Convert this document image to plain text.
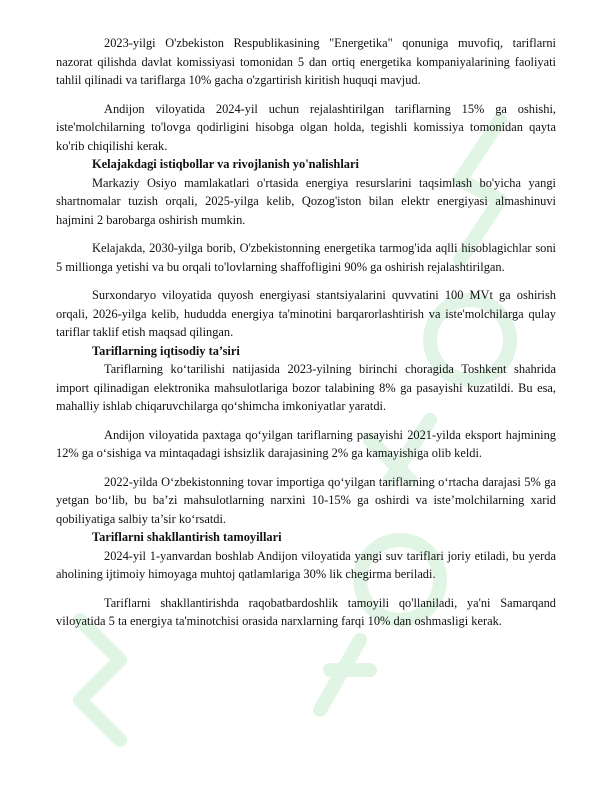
2023-yilgi O'zbekiston Respublikasining "Energetika" qonuniga muvofiq, tariflarni nazorat qilishda davlat komissiyasi tomonidan 5 dan ortiq energetika kompaniyalarining faoliyati tahlil qilinadi va tariflarga 10% gacha o'zgartirish kiritish huquqi mavjud.

Andijon viloyatida 2024-yil uchun rejalashtirilgan tariflarning 15% ga oshishi, iste'molchilarning to'lovga qodirligini hisobga olgan holda, tegishli komissiya tomonidan qayta ko'rib chiqilishi kerak.

Kelajakdagi istiqbollar va rivojlanish yo'nalishlari

Markaziy Osiyo mamlakatlari o'rtasida energiya resurslarini taqsimlash bo'yicha yangi shartnomalar tuzish orqali, 2025-yilga kelib, Qozog'iston bilan elektr energiyasi almashinuvi hajmini 2 barobarga oshirish mumkin.

Kelajakda, 2030-yilga borib, O'zbekistonning energetika tarmog'ida aqlli hisoblagichlar soni 5 millionga yetishi va bu orqali to'lovlarning shaffofligini 90% ga oshirish rejalashtirilgan.

Surxondaryo viloyatida quyosh energiyasi stantsiyalarini quvvatini 100 MVt ga oshirish orqali, 2026-yilga kelib, hududda energiya ta'minotini barqarorlashtirish va iste'molchilarga qulay tariflar taklif etish maqsad qilingan.

Tariflarning iqtisodiy ta’siri

Tariflarning ko‘tarilishi natijasida 2023-yilning birinchi choragida Toshkent shahrida import qilinadigan elektronika mahsulotlariga bozor talabining 8% ga pasayishi kuzatildi. Bu esa, mahalliy ishlab chiqaruvchilarga qo‘shimcha imkoniyatlar yaratdi.

Andijon viloyatida paxtaga qo‘yilgan tariflarning pasayishi 2021-yilda eksport hajmining 12% ga o‘sishiga va mintaqadagi ishsizlik darajasining 2% ga kamayishiga olib keldi.

2022-yilda O‘zbekistonning tovar importiga qo‘yilgan tariflarning o‘rtacha darajasi 5% ga yetgan bo‘lib, bu ba’zi mahsulotlarning narxini 10-15% ga oshirdi va iste’molchilarning xarid qobiliyatiga salbiy ta’sir ko‘rsatdi.

Tariflarni shakllantirish tamoyillari

2024-yil 1-yanvardan boshlab Andijon viloyatida yangi suv tariflari joriy etiladi, bu yerda aholining ijtimoiy himoyaga muhtoj qatlamlariga 30% lik chegirma beriladi.

Tariflarni shakllantirishda raqobatbardoshlik tamoyili qo'llaniladi, ya'ni Samarqand viloyatida 5 ta energiya ta'minotchisi orasida narxlarning farqi 10% dan oshmasligi kerak.
